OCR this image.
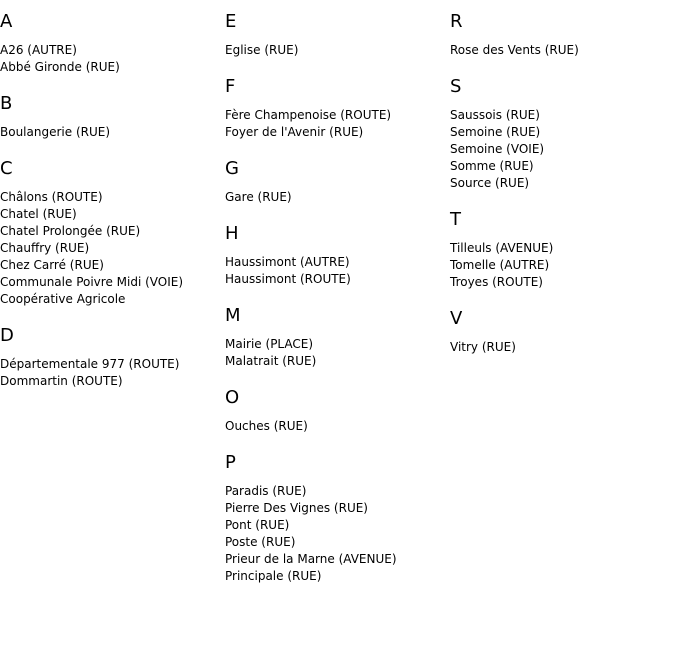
A
A26 (AUTRE)
Abbé Gironde (RUE)
B
Boulangerie (RUE)
C
Châlons (ROUTE)
Chatel (RUE)
Chatel Prolongée (RUE)
Chauffry (RUE)
Chez Carré (RUE)
Communale Poivre Midi (VOIE)
Coopérative Agricole
D
Départementale 977 (ROUTE)
Dommartin (ROUTE)
E
Eglise (RUE)
F
Fère Champenoise (ROUTE)
Foyer de l'Avenir (RUE)
G
Gare (RUE)
H
Haussimont (AUTRE)
Haussimont (ROUTE)
M
Mairie (PLACE)
Malatrait (RUE)
O
Ouches (RUE)
P
Paradis (RUE)
Pierre Des Vignes (RUE)
Pont (RUE)
Poste (RUE)
Prieur de la Marne (AVENUE)
Principale (RUE)
R
Rose des Vents (RUE)
S
Saussois (RUE)
Semoine (RUE)
Semoine (VOIE)
Somme (RUE)
Source (RUE)
T
Tilleuls (AVENUE)
Tomelle (AUTRE)
Troyes (ROUTE)
V
Vitry (RUE)
